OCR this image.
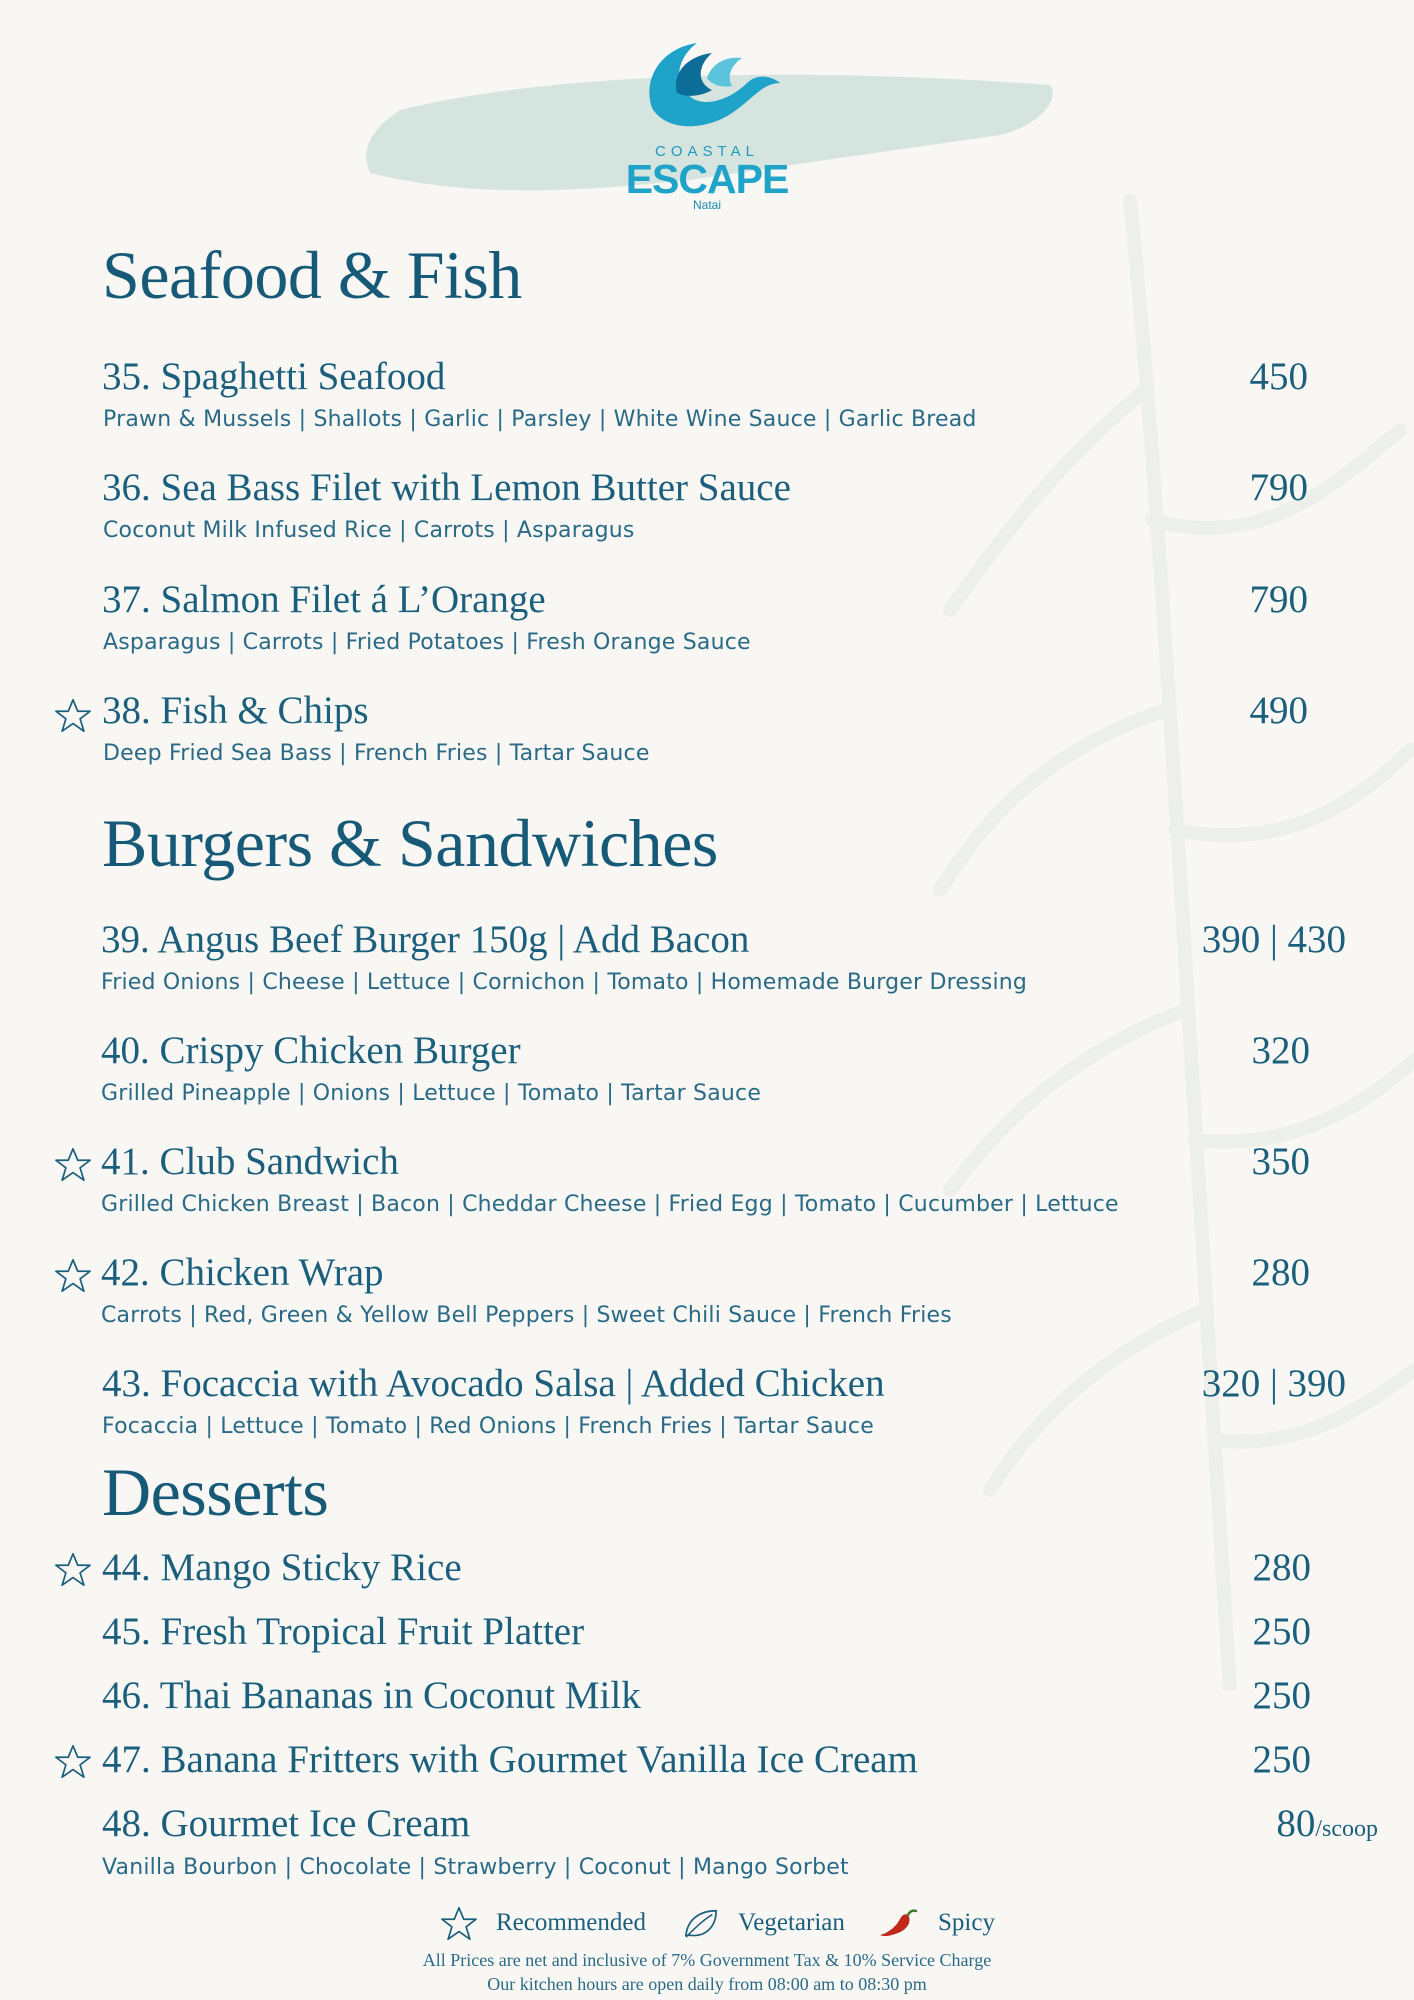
COASTAL
ESCAPE
Natai
Seafood & Fish
35. Spaghetti Seafood	450
Prawn & Mussels | Shallots | Garlic | Parsley | White Wine Sauce | Garlic Bread
36. Sea Bass Filet with Lemon Butter Sauce	790
Coconut Milk Infused Rice | Carrots | Asparagus
37. Salmon Filet á L’Orange	790
Asparagus | Carrots | Fried Potatoes | Fresh Orange Sauce
38. Fish & Chips	490
Deep Fried Sea Bass | French Fries | Tartar Sauce
Burgers & Sandwiches
39. Angus Beef Burger 150g | Add Bacon	390 | 430
Fried Onions | Cheese | Lettuce | Cornichon | Tomato | Homemade Burger Dressing
40. Crispy Chicken Burger	320
Grilled Pineapple | Onions | Lettuce | Tomato | Tartar Sauce
41. Club Sandwich	350
Grilled Chicken Breast | Bacon | Cheddar Cheese | Fried Egg | Tomato | Cucumber | Lettuce
42. Chicken Wrap	280
Carrots | Red, Green & Yellow Bell Peppers | Sweet Chili Sauce | French Fries
43. Focaccia with Avocado Salsa | Added Chicken	320 | 390
Focaccia | Lettuce | Tomato | Red Onions | French Fries | Tartar Sauce
Desserts
44. Mango Sticky Rice	280
45. Fresh Tropical Fruit Platter	250
46. Thai Bananas in Coconut Milk	250
47. Banana Fritters with Gourmet Vanilla Ice Cream	250
48. Gourmet Ice Cream	80/scoop
Vanilla Bourbon | Chocolate | Strawberry | Coconut | Mango Sorbet
Recommended	Vegetarian	Spicy
All Prices are net and inclusive of 7% Government Tax & 10% Service Charge
Our kitchen hours are open daily from 08:00 am to 08:30 pm
